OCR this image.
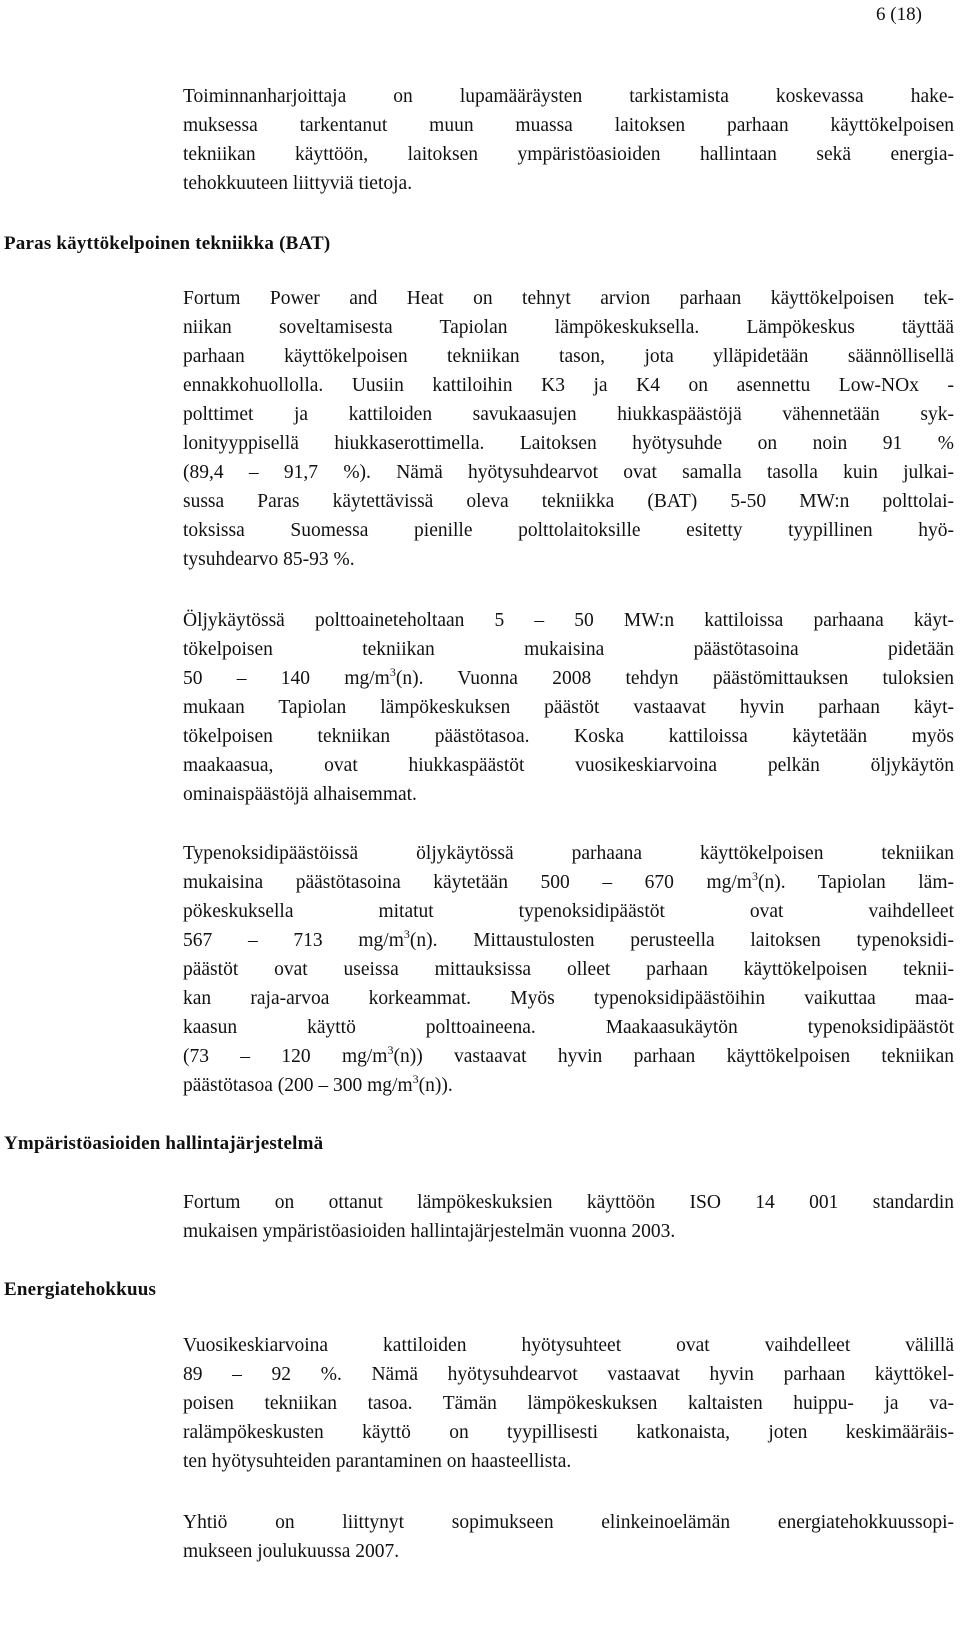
6 (18)
Toiminnanharjoittaja on lupamääräysten tarkistamista koskevassa hake-
muksessa tarkentanut muun muassa laitoksen parhaan käyttökelpoisen
tekniikan käyttöön, laitoksen ympäristöasioiden hallintaan sekä energia-
tehokkuuteen liittyviä tietoja.
Paras käyttökelpoinen tekniikka (BAT)
Fortum Power and Heat on tehnyt arvion parhaan käyttökelpoisen tek-
niikan soveltamisesta Tapiolan lämpökeskuksella. Lämpökeskus täyttää
parhaan käyttökelpoisen tekniikan tason, jota ylläpidetään säännöllisellä
ennakkohuollolla. Uusiin kattiloihin K3 ja K4 on asennettu Low-NOx -
polttimet ja kattiloiden savukaasujen hiukkaspäästöjä vähennetään syk-
lonityyppisellä hiukkaserottimella. Laitoksen hyötysuhde on noin 91 %
(89,4 – 91,7 %). Nämä hyötysuhdearvot ovat samalla tasolla kuin julkai-
sussa Paras käytettävissä oleva tekniikka (BAT) 5-50 MW:n polttolai-
toksissa Suomessa pienille polttolaitoksille esitetty tyypillinen hyö-
tysuhdearvo 85-93 %.
Öljykäytössä polttoaineteholtaan 5 – 50 MW:n kattiloissa parhaana käyt-
tökelpoisen tekniikan mukaisina päästötasoina pidetään
50 – 140 $mg/m^3(n)$. Vuonna 2008 tehdyn päästömittauksen tuloksien
mukaan Tapiolan lämpökeskuksen päästöt vastaavat hyvin parhaan käyt-
tökelpoisen tekniikan päästötasoa. Koska kattiloissa käytetään myös
maakaasua, ovat hiukkaspäästöt vuosikeskiarvoina pelkän öljykäytön
ominaispäästöjä alhaisemmat.
Typenoksidipäästöissä öljykäytössä parhaana käyttökelpoisen tekniikan
mukaisina päästötasoina käytetään 500 – 670 $mg/m^3(n)$. Tapiolan läm-
pökeskuksella mitatut typenoksidipäästöt ovat vaihdelleet
567 – 713 $mg/m^3(n)$. Mittaustulosten perusteella laitoksen typenoksidi-
päästöt ovat useissa mittauksissa olleet parhaan käyttökelpoisen teknii-
kan raja-arvoa korkeammat. Myös typenoksidipäästöihin vaikuttaa maa-
kaasun käyttö polttoaineena. Maakaasukäytön typenoksidipäästöt
(73 – 120 $mg/m^3(n)$) vastaavat hyvin parhaan käyttökelpoisen tekniikan
päästötasoa (200 – 300 $mg/m^3(n)$).
Ympäristöasioiden hallintajärjestelmä
Fortum on ottanut lämpökeskuksien käyttöön ISO 14 001 standardin
mukaisen ympäristöasioiden hallintajärjestelmän vuonna 2003.
Energiatehokkuus
Vuosikeskiarvoina kattiloiden hyötysuhteet ovat vaihdelleet välillä
89 – 92 %. Nämä hyötysuhdearvot vastaavat hyvin parhaan käyttökel-
poisen tekniikan tasoa. Tämän lämpökeskuksen kaltaisten huippu- ja va-
ralämpökeskusten käyttö on tyypillisesti katkonaista, joten keskimääräis-
ten hyötysuhteiden parantaminen on haasteellista.
Yhtiö on liittynyt sopimukseen elinkeinoelämän energiatehokkuussopi-
mukseen joulukuussa 2007.
